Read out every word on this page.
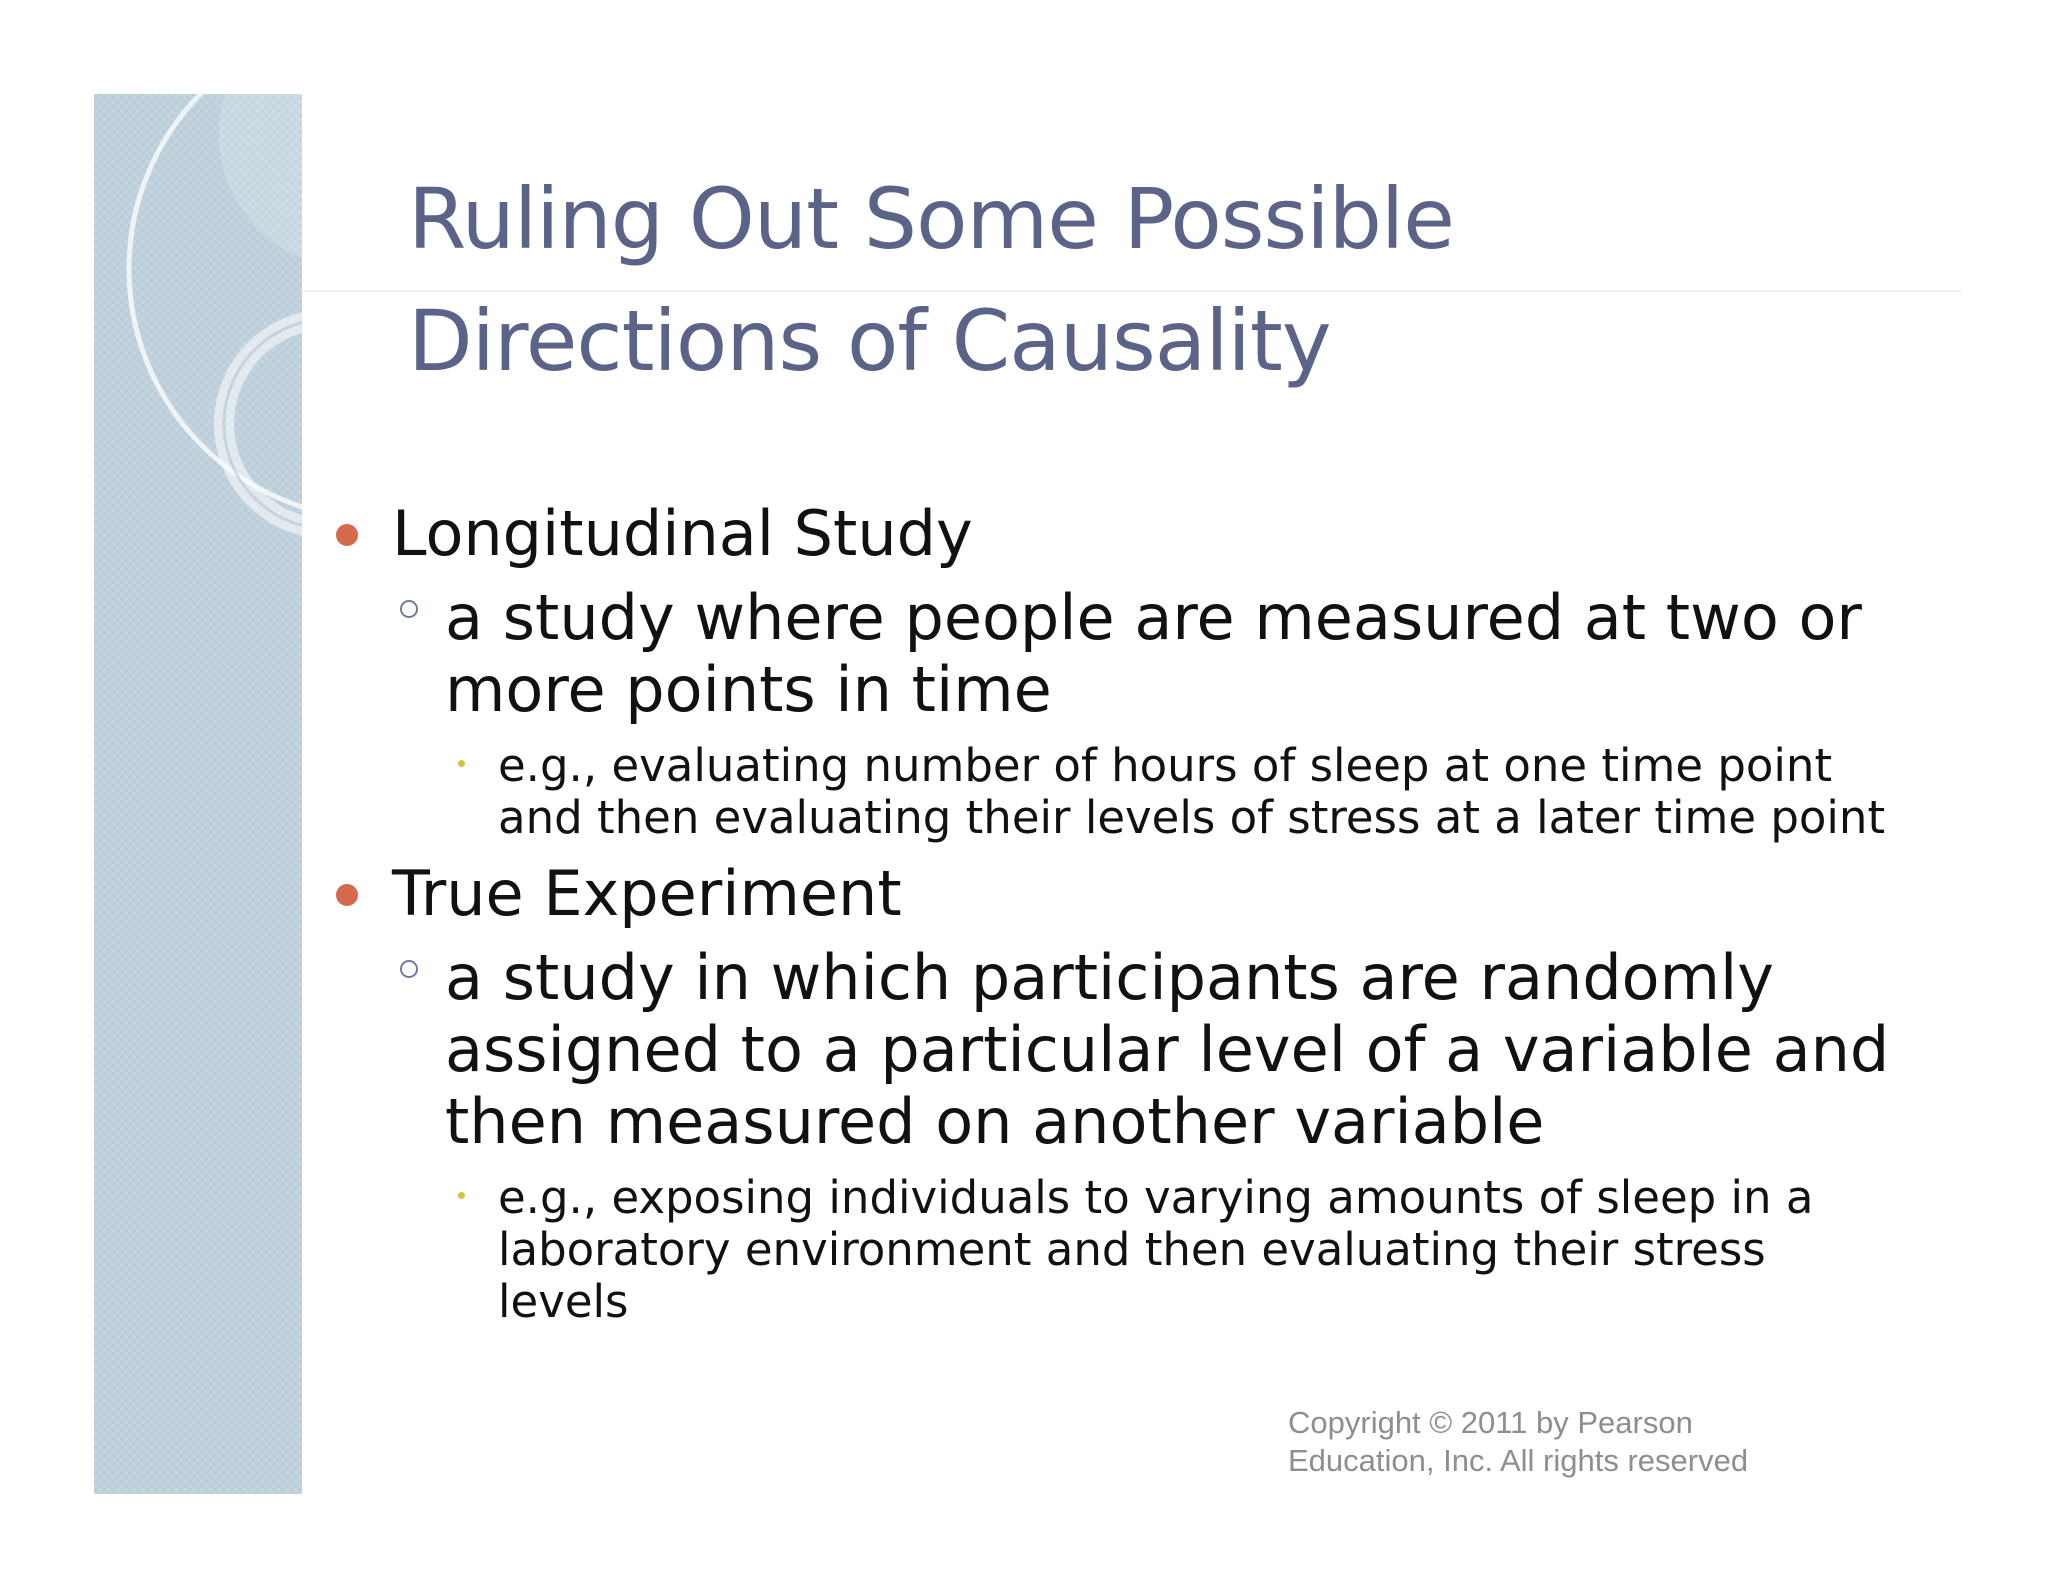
Ruling Out Some Possible
Directions of Causality

Longitudinal Study

a study where people are measured at two or more points in time

e.g., evaluating number of hours of sleep at one time point and then evaluating their levels of stress at a later time point

True Experiment

a study in which participants are randomly assigned to a particular level of a variable and then measured on another variable

e.g., exposing individuals to varying amounts of sleep in a laboratory environment and then evaluating their stress levels

Copyright © 2011 by Pearson
Education, Inc. All rights reserved
